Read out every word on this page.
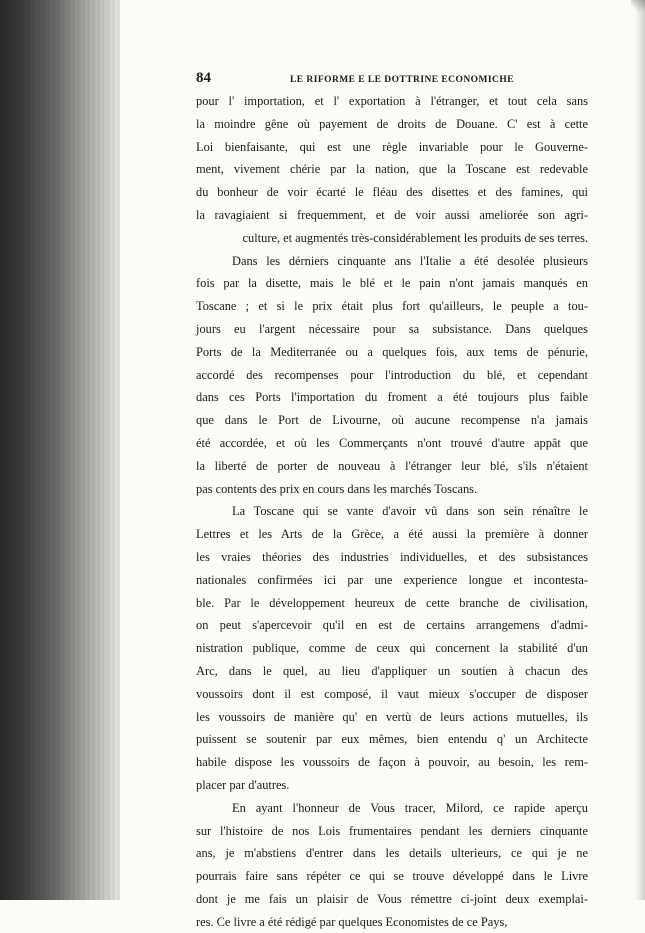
84	LE RIFORME E LE DOTTRINE ECONOMICHE
pour l' importation, et l' exportation à l'étranger, et tout cela sans
la moindre gêne où payement de droits de Douane. C' est à cette
Loi bienfaisante, qui est une règle invariable pour le Gouverne-
ment, vivement chérie par la nation, que la Toscane est redevable
du bonheur de voir écarté le fléau des disettes et des famines, qui
la ravagiaient si frequemment, et de voir aussi ameliorée son agri-
culture, et augmentés très-considérablement les produits de ses terres.
Dans les dérniers cinquante ans l'Italie a été desolée plusieurs
fois par la disette, mais le blé et le pain n'ont jamais manqués en
Toscane ; et si le prix était plus fort qu'ailleurs, le peuple a tou-
jours eu l'argent nécessaire pour sa subsistance. Dans quelques
Ports de la Mediterranée ou a quelques fois, aux tems de pénurie,
accordé des recompenses pour l'introduction du blé, et cependant
dans ces Ports l'importation du froment a été toujours plus faible
que dans le Port de Livourne, où aucune recompense n'a jamais
été accordée, et où les Commerçants n'ont trouvé d'autre appât que
la liberté de porter de nouveau à l'étranger leur blé, s'ils n'étaient
pas contents des prix en cours dans les marchés Toscans.
La Toscane qui se vante d'avoir vû dans son sein rénaître le
Lettres et les Arts de la Grèce, a été aussi la première à donner
les vraies théories des industries individuelles, et des subsistances
nationales confirmées ici par une experience longue et incontesta-
ble. Par le développement heureux de cette branche de civilisation,
on peut s'apercevoir qu'il en est de certains arrangemens d'admi-
nistration publique, comme de ceux qui concernent la stabilité d'un
Arc, dans le quel, au lieu d'appliquer un soutien à chacun des
voussoirs dont il est composé, il vaut mieux s'occuper de disposer
les voussoirs de manière qu' en vertù de leurs actions mutuelles, ils
puissent se soutenir par eux mêmes, bien entendu q' un Architecte
habile dispose les voussoirs de façon à pouvoir, au besoin, les rem-
placer par d'autres.
En ayant l'honneur de Vous tracer, Milord, ce rapide aperçu
sur l'histoire de nos Lois frumentaires pendant les derniers cinquante
ans, je m'abstiens d'entrer dans les details ulterieurs, ce qui je ne
pourrais faire sans répéter ce qui se trouve développé dans le Livre
dont je me fais un plaisir de Vous rémettre ci-joint deux exemplai-
res. Ce livre a été rédigé par quelques Economistes de ce Pays,
